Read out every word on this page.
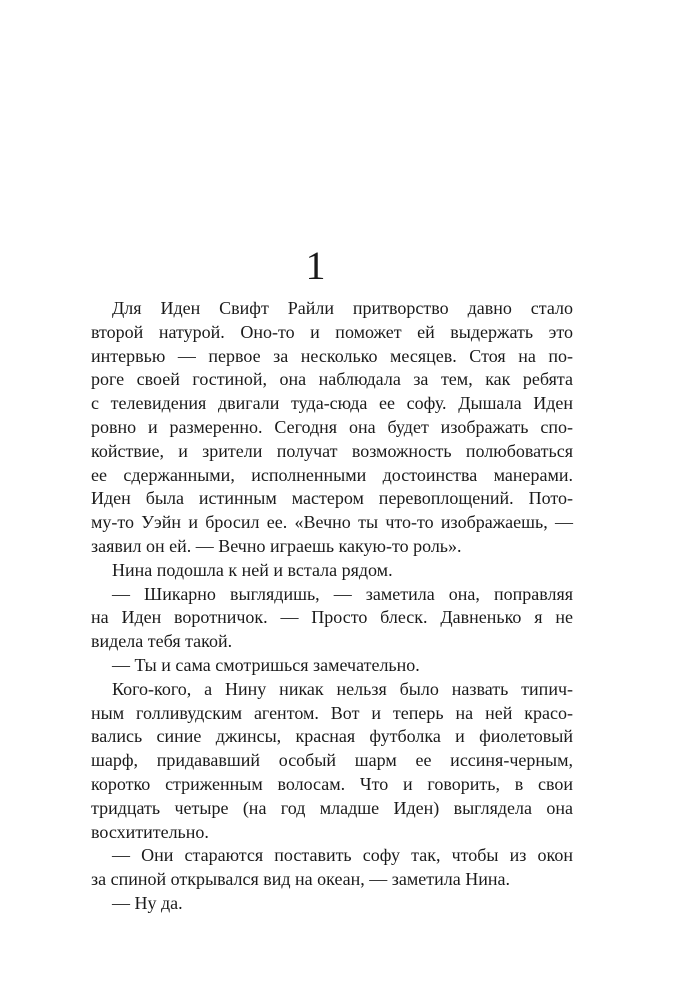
1

Для Иден Свифт Райли притворство давно стало

второй натурой. Оно-то и поможет ей выдержать это

интервью — первое за несколько месяцев. Стоя на по-

роге своей гостиной, она наблюдала за тем, как ребята

с телевидения двигали туда-сюда ее софу. Дышала Иден

ровно и размеренно. Сегодня она будет изображать спо-

койствие, и зрители получат возможность полюбоваться

ее сдержанными, исполненными достоинства манерами.

Иден была истинным мастером перевоплощений. Пото-

му-то Уэйн и бросил ее. «Вечно ты что-то изображаешь, —

заявил он ей. — Вечно играешь какую-то роль».

Нина подошла к ней и встала рядом.

— Шикарно выглядишь, — заметила она, поправляя

на Иден воротничок. — Просто блеск. Давненько я не

видела тебя такой.

— Ты и сама смотришься замечательно.

Кого-кого, а Нину никак нельзя было назвать типич-

ным голливудским агентом. Вот и теперь на ней красо-

вались синие джинсы, красная футболка и фиолетовый

шарф, придававший особый шарм ее иссиня-черным,

коротко стриженным волосам. Что и говорить, в свои

тридцать четыре (на год младше Иден) выглядела она

восхитительно.

— Они стараются поставить софу так, чтобы из окон

за спиной открывался вид на океан, — заметила Нина.

— Ну да.
